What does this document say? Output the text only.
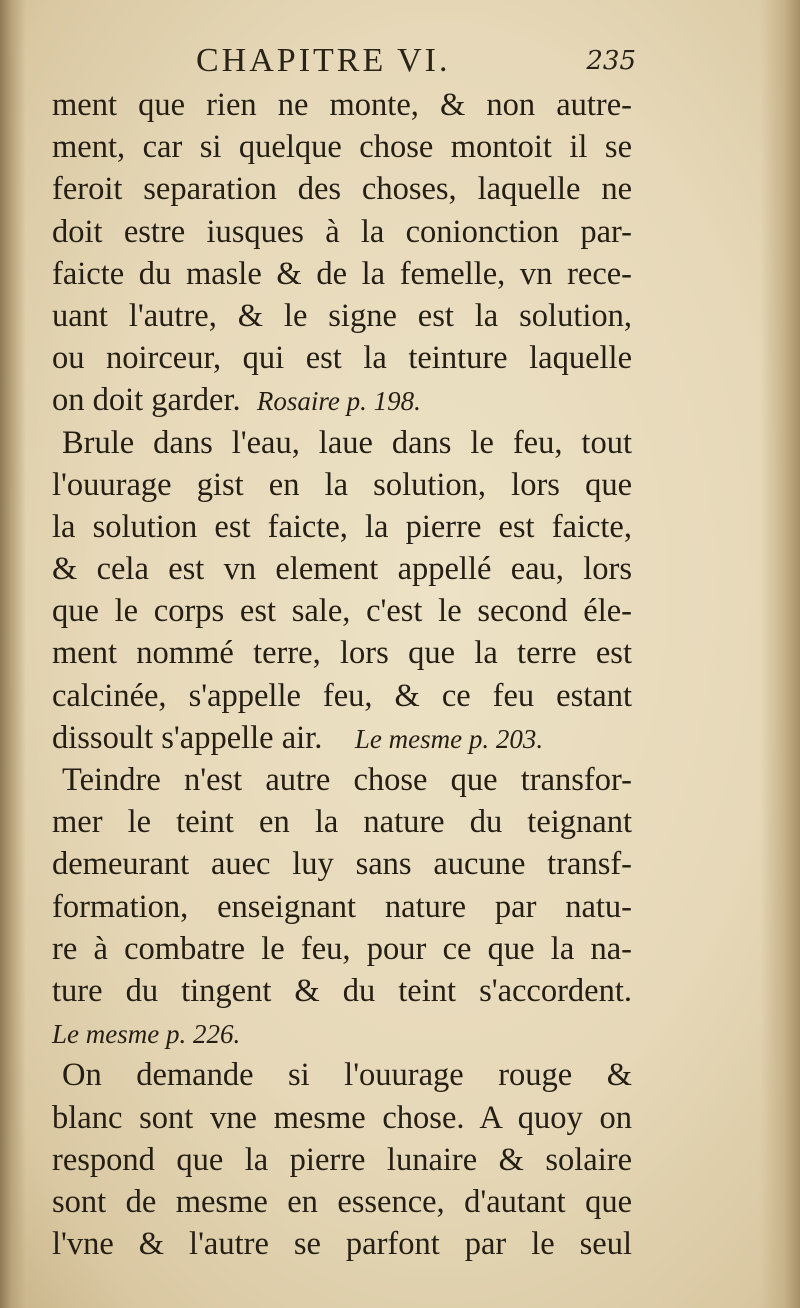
CHAPITRE VI.	235
ment que rien ne monte, & non autre-
ment, car si quelque chose montoit il se
feroit separation des choses, laquelle ne
doit estre iusques à la conionction par-
faicte du masle & de la femelle, vn rece-
uant l'autre, & le signe est la solution,
ou noirceur, qui est la teinture laquelle
on doit garder. Rosaire p. 198.
Brule dans l'eau, laue dans le feu, tout
l'ouurage gist en la solution, lors que
la solution est faicte, la pierre est faicte,
& cela est vn element appellé eau, lors
que le corps est sale, c'est le second éle-
ment nommé terre, lors que la terre est
calcinée, s'appelle feu, & ce feu estant
dissoult s'appelle air. Le mesme p. 203.
Teindre n'est autre chose que transfor-
mer le teint en la nature du teignant
demeurant auec luy sans aucune transf-
formation, enseignant nature par natu-
re à combatre le feu, pour ce que la na-
ture du tingent & du teint s'accordent.
Le mesme p. 226.
On demande si l'ouurage rouge &
blanc sont vne mesme chose. A quoy on
respond que la pierre lunaire & solaire
sont de mesme en essence, d'autant que
l'vne & l'autre se parfont par le seul
